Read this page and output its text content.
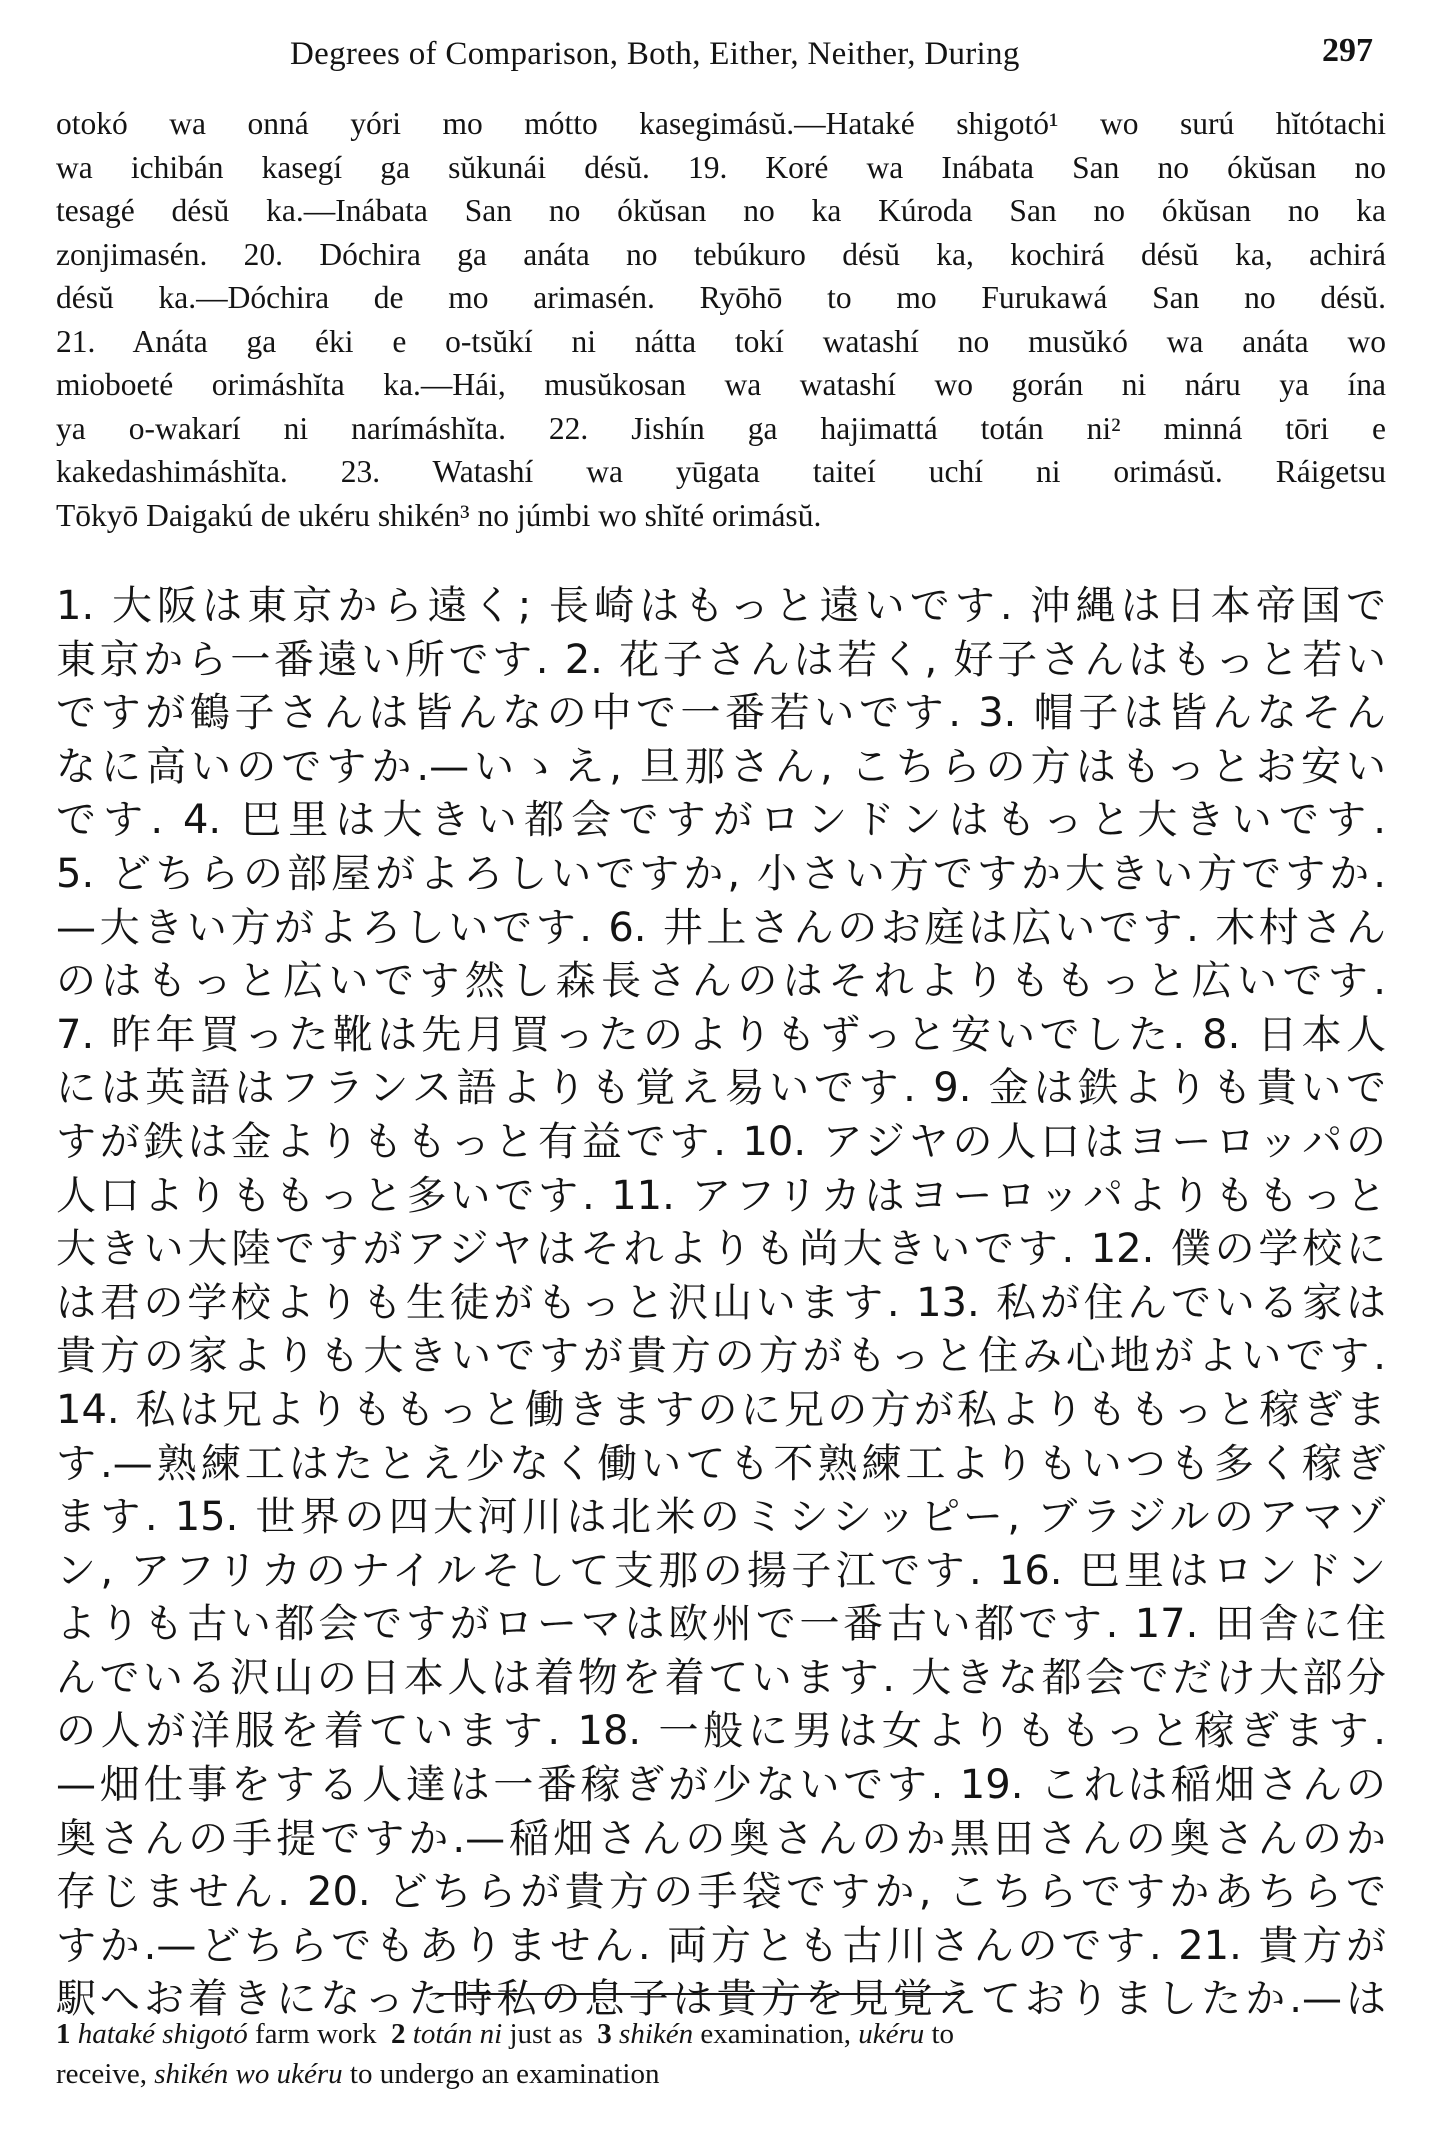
Degrees of Comparison, Both, Either, Neither, During	297
otokó wa onná yóri mo mótto kasegimásŭ.—Hataké shigotó¹ wo surú hĭtótachi
wa ichibán kasegí ga sŭkunái désŭ. 19. Koré wa Inábata San no ókŭsan no
tesagé désŭ ka.—Inábata San no ókŭsan no ka Kúroda San no ókŭsan no ka
zonjimasén. 20. Dóchira ga anáta no tebúkuro désŭ ka, kochirá désŭ ka, achirá
désŭ ka.—Dóchira de mo arimasén. Ryōhō to mo Furukawá San no désŭ.
21. Anáta ga éki e o-tsŭkí ni nátta tokí watashí no musŭkó wa anáta wo
mioboeté orimáshĭta ka.—Hái, musŭkosan wa watashí wo gorán ni náru ya ína
ya o-wakarí ni narímáshĭta. 22. Jishín ga hajimattá totán ni² minná tōri e
kakedashimáshĭta. 23. Watashí wa yūgata taiteí uchí ni orimásŭ. Ráigetsu
Tōkyō Daigakú de ukéru shikén³ no júmbi wo shĭté orimásŭ.
1. 大阪は東京から遠く; 長崎はもっと遠いです. 沖縄は日本帝国で
東京から一番遠い所です. 2. 花子さんは若く, 好子さんはもっと若い
ですが鶴子さんは皆んなの中で一番若いです. 3. 帽子は皆んなそん
なに高いのですか.—いゝえ, 旦那さん, こちらの方はもっとお安い
です. 4. 巴里は大きい都会ですがロンドンはもっと大きいです.
5. どちらの部屋がよろしいですか, 小さい方ですか大きい方ですか.
—大きい方がよろしいです. 6. 井上さんのお庭は広いです. 木村さん
のはもっと広いです然し森長さんのはそれよりももっと広いです.
7. 昨年買った靴は先月買ったのよりもずっと安いでした. 8. 日本人
には英語はフランス語よりも覚え易いです. 9. 金は鉄よりも貴いで
すが鉄は金よりももっと有益です. 10. アジヤの人口はヨーロッパの
人口よりももっと多いです. 11. アフリカはヨーロッパよりももっと
大きい大陸ですがアジヤはそれよりも尚大きいです. 12. 僕の学校に
は君の学校よりも生徒がもっと沢山います. 13. 私が住んでいる家は
貴方の家よりも大きいですが貴方の方がもっと住み心地がよいです.
14. 私は兄よりももっと働きますのに兄の方が私よりももっと稼ぎま
す.—熟練工はたとえ少なく働いても不熟練工よりもいつも多く稼ぎ
ます. 15. 世界の四大河川は北米のミシシッピー, ブラジルのアマゾ
ン, アフリカのナイルそして支那の揚子江です. 16. 巴里はロンドン
よりも古い都会ですがローマは欧州で一番古い都です. 17. 田舎に住
んでいる沢山の日本人は着物を着ています. 大きな都会でだけ大部分
の人が洋服を着ています. 18. 一般に男は女よりももっと稼ぎます.
—畑仕事をする人達は一番稼ぎが少ないです. 19. これは稲畑さんの
奥さんの手提ですか.—稲畑さんの奥さんのか黒田さんの奥さんのか
存じません. 20. どちらが貴方の手袋ですか, こちらですかあちらで
すか.—どちらでもありません. 両方とも古川さんのです. 21. 貴方が
駅へお着きになった時私の息子は貴方を見覚えておりましたか.—は
1 hataké shigotó farm work 2 totán ni just as 3 shikén examination, ukéru to
receive, shikén wo ukéru to undergo an examination
